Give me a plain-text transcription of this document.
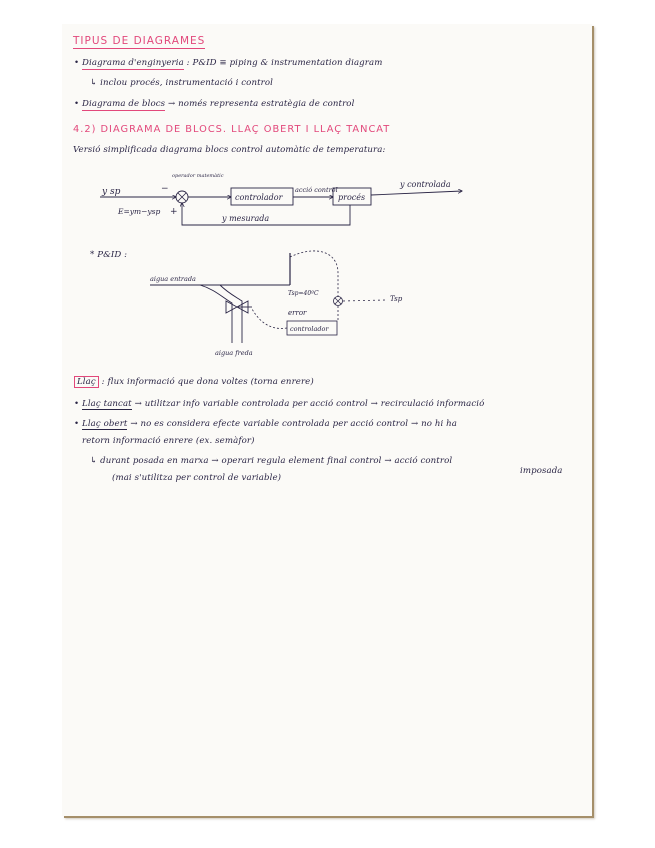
TIPUS DE DIAGRAMES
• Diagrama d'enginyeria : P&ID ≡ piping & instrumentation diagram
↳ inclou procés, instrumentació i control
• Diagrama de blocs → només representa estratègia de control
4.2) DIAGRAMA DE BLOCS. LLAÇ OBERT I LLAÇ TANCAT
Versió simplificada diagrama blocs control automàtic de temperatura:
y sp	−
+
operador matemàtic
E=ym−ysp
controlador
acció control
procés
y controlada
y mesurada
* P&ID :
aigua entrada
Tsp=40ºC
Tsp
error
controlador
aigua freda
Llaç : flux informació que dona voltes (torna enrere)
• Llaç tancat → utilitzar info variable controlada per acció control → recirculació informació
• Llaç obert → no es considera efecte variable controlada per acció control → no hi ha
retorn informació enrere (ex. semàfor)
↳ durant posada en marxa → operari regula element final control → acció control
imposada
(mai s'utilitza per control de variable)
